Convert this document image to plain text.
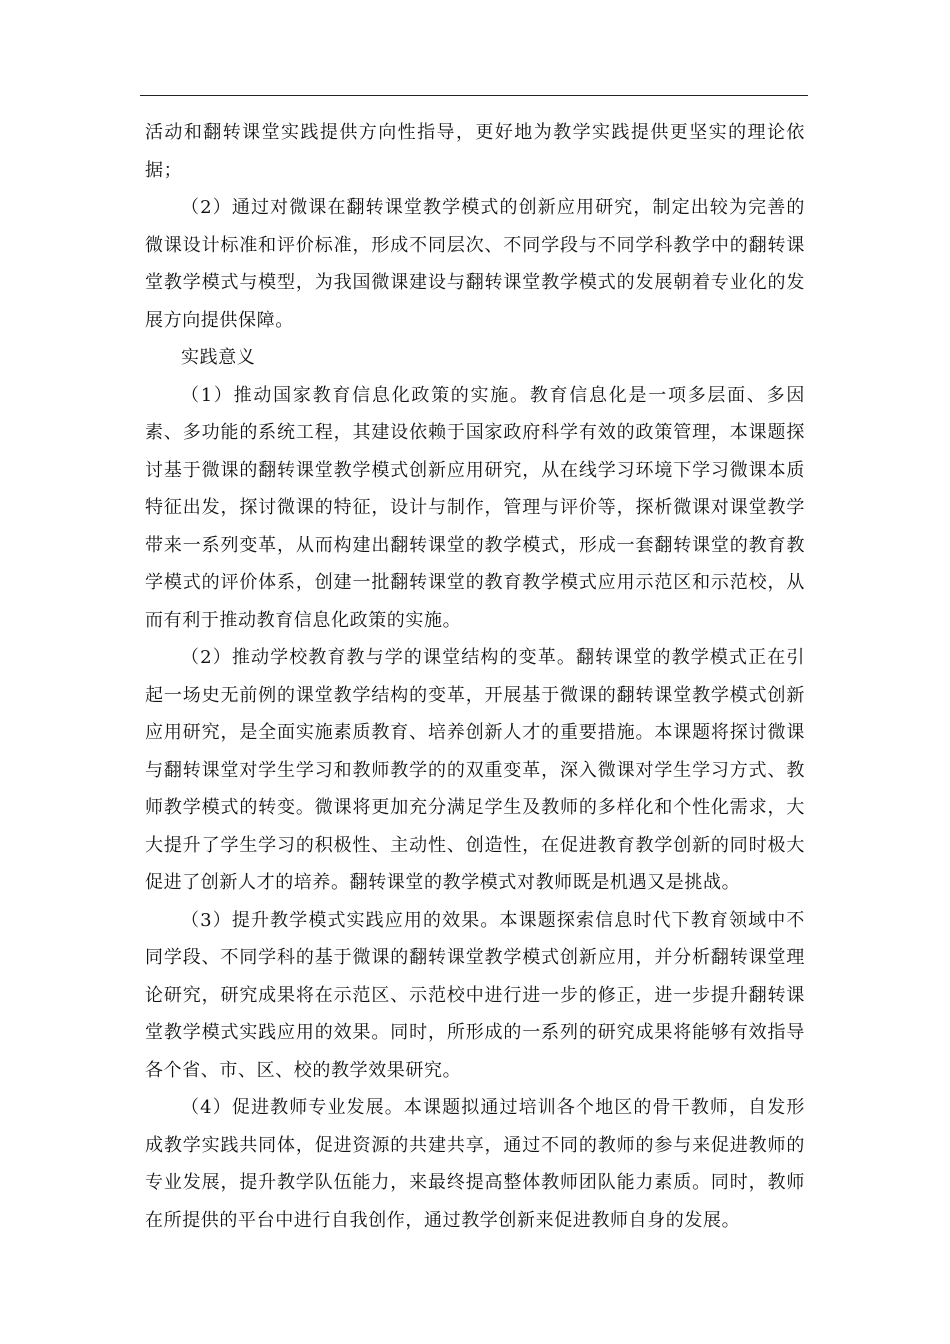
活动和翻转课堂实践提供方向性指导，更好地为教学实践提供更坚实的理论依据；

（2）通过对微课在翻转课堂教学模式的创新应用研究，制定出较为完善的微课设计标准和评价标准，形成不同层次、不同学段与不同学科教学中的翻转课堂教学模式与模型，为我国微课建设与翻转课堂教学模式的发展朝着专业化的发展方向提供保障。

实践意义

（1）推动国家教育信息化政策的实施。教育信息化是一项多层面、多因素、多功能的系统工程，其建设依赖于国家政府科学有效的政策管理，本课题探讨基于微课的翻转课堂教学模式创新应用研究，从在线学习环境下学习微课本质特征出发，探讨微课的特征，设计与制作，管理与评价等，探析微课对课堂教学带来一系列变革，从而构建出翻转课堂的教学模式，形成一套翻转课堂的教育教学模式的评价体系，创建一批翻转课堂的教育教学模式应用示范区和示范校，从而有利于推动教育信息化政策的实施。

（2）推动学校教育教与学的课堂结构的变革。翻转课堂的教学模式正在引起一场史无前例的课堂教学结构的变革，开展基于微课的翻转课堂教学模式创新应用研究，是全面实施素质教育、培养创新人才的重要措施。本课题将探讨微课与翻转课堂对学生学习和教师教学的的双重变革，深入微课对学生学习方式、教师教学模式的转变。微课将更加充分满足学生及教师的多样化和个性化需求，大大提升了学生学习的积极性、主动性、创造性，在促进教育教学创新的同时极大促进了创新人才的培养。翻转课堂的教学模式对教师既是机遇又是挑战。

（3）提升教学模式实践应用的效果。本课题探索信息时代下教育领域中不同学段、不同学科的基于微课的翻转课堂教学模式创新应用，并分析翻转课堂理论研究，研究成果将在示范区、示范校中进行进一步的修正，进一步提升翻转课堂教学模式实践应用的效果。同时，所形成的一系列的研究成果将能够有效指导各个省、市、区、校的教学效果研究。

（4）促进教师专业发展。本课题拟通过培训各个地区的骨干教师，自发形成教学实践共同体，促进资源的共建共享，通过不同的教师的参与来促进教师的专业发展，提升教学队伍能力，来最终提高整体教师团队能力素质。同时，教师在所提供的平台中进行自我创作，通过教学创新来促进教师自身的发展。
